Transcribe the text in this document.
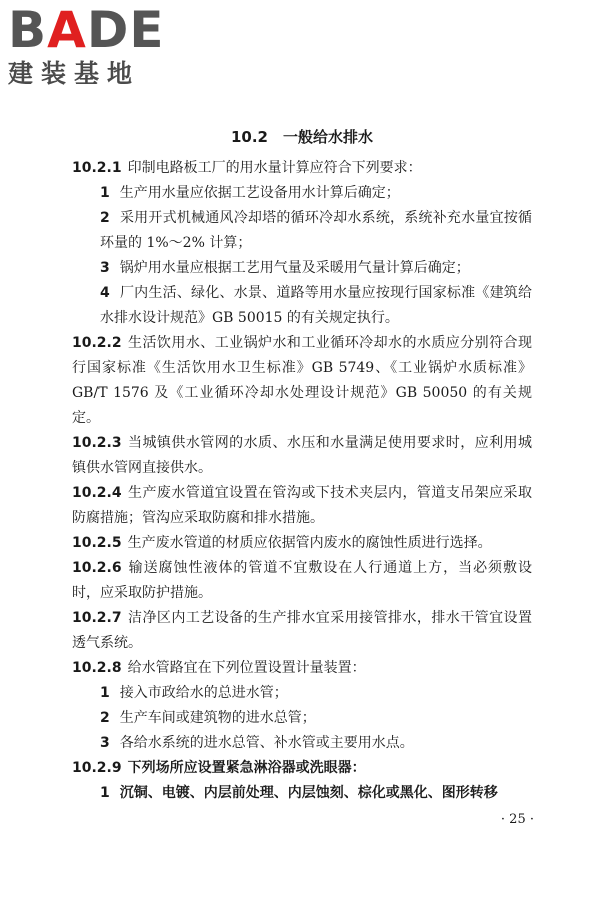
BADE
建装基地
10.2　一般给水排水

10.2.1 印制电路板工厂的用水量计算应符合下列要求：

1 生产用水量应依据工艺设备用水计算后确定；

2 采用开式机械通风冷却塔的循环冷却水系统，系统补充水量宜按循环量的 1%～2% 计算；

3 锅炉用水量应根据工艺用气量及采暖用气量计算后确定；

4 厂内生活、绿化、水景、道路等用水量应按现行国家标准《建筑给水排水设计规范》GB 50015 的有关规定执行。

10.2.2 生活饮用水、工业锅炉水和工业循环冷却水的水质应分别符合现行国家标准《生活饮用水卫生标准》GB 5749、《工业锅炉水质标准》GB/T 1576 及《工业循环冷却水处理设计规范》GB 50050 的有关规定。

10.2.3 当城镇供水管网的水质、水压和水量满足使用要求时，应利用城镇供水管网直接供水。

10.2.4 生产废水管道宜设置在管沟或下技术夹层内，管道支吊架应采取防腐措施；管沟应采取防腐和排水措施。

10.2.5 生产废水管道的材质应依据管内废水的腐蚀性质进行选择。

10.2.6 输送腐蚀性液体的管道不宜敷设在人行通道上方，当必须敷设时，应采取防护措施。

10.2.7 洁净区内工艺设备的生产排水宜采用接管排水，排水干管宜设置透气系统。

10.2.8 给水管路宜在下列位置设置计量装置：

1 接入市政给水的总进水管；

2 生产车间或建筑物的进水总管；

3 各给水系统的进水总管、补水管或主要用水点。

10.2.9 下列场所应设置紧急淋浴器或洗眼器：

1 沉铜、电镀、内层前处理、内层蚀刻、棕化或黑化、图形转移

· 25 ·
